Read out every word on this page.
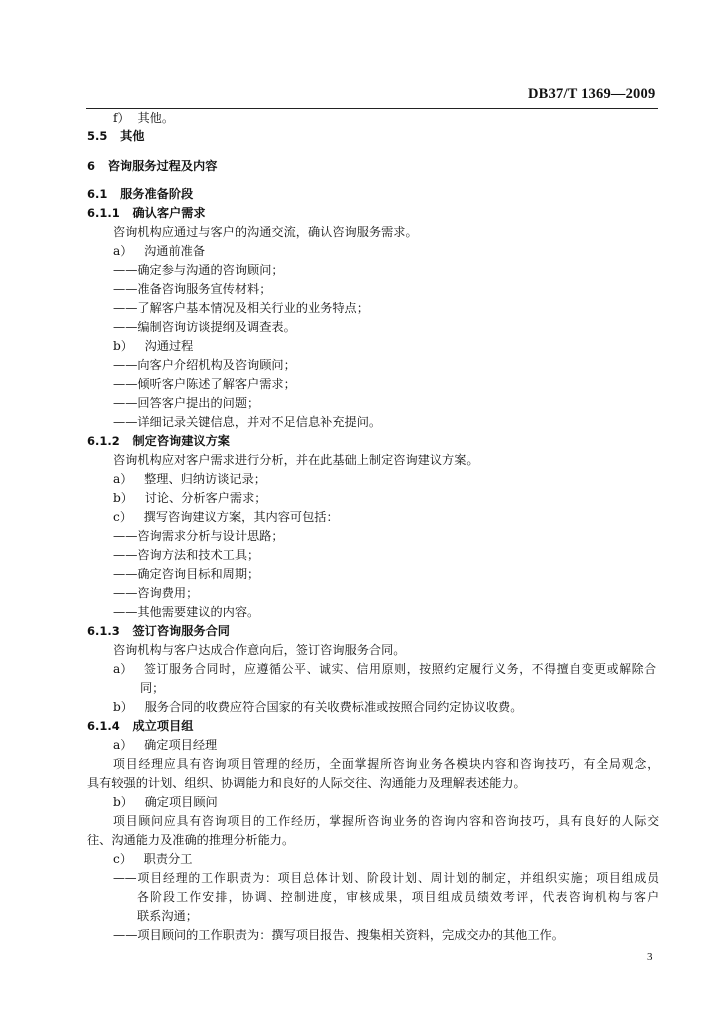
DB37/T 1369—2009
f） 其他。
5.5 其他
6 咨询服务过程及内容
6.1 服务准备阶段
6.1.1 确认客户需求
咨询机构应通过与客户的沟通交流，确认咨询服务需求。
a） 沟通前准备
——确定参与沟通的咨询顾问；
——准备咨询服务宣传材料；
——了解客户基本情况及相关行业的业务特点；
——编制咨询访谈提纲及调查表。
b） 沟通过程
——向客户介绍机构及咨询顾问；
——倾听客户陈述了解客户需求；
——回答客户提出的问题；
——详细记录关键信息，并对不足信息补充提问。
6.1.2 制定咨询建议方案
咨询机构应对客户需求进行分析，并在此基础上制定咨询建议方案。
a） 整理、归纳访谈记录；
b） 讨论、分析客户需求；
c） 撰写咨询建议方案，其内容可包括：
——咨询需求分析与设计思路；
——咨询方法和技术工具；
——确定咨询目标和周期；
——咨询费用；
——其他需要建议的内容。
6.1.3 签订咨询服务合同
咨询机构与客户达成合作意向后，签订咨询服务合同。
a） 签订服务合同时，应遵循公平、诚实、信用原则，按照约定履行义务，不得擅自变更或解除合
同；
b） 服务合同的收费应符合国家的有关收费标准或按照合同约定协议收费。
6.1.4 成立项目组
a） 确定项目经理
项目经理应具有咨询项目管理的经历，全面掌握所咨询业务各模块内容和咨询技巧，有全局观念，
具有较强的计划、组织、协调能力和良好的人际交往、沟通能力及理解表述能力。
b） 确定项目顾问
项目顾问应具有咨询项目的工作经历，掌握所咨询业务的咨询内容和咨询技巧，具有良好的人际交
往、沟通能力及准确的推理分析能力。
c） 职责分工
——项目经理的工作职责为：项目总体计划、阶段计划、周计划的制定，并组织实施；项目组成员
各阶段工作安排，协调、控制进度，审核成果，项目组成员绩效考评，代表咨询机构与客户
联系沟通；
——项目顾问的工作职责为：撰写项目报告、搜集相关资料，完成交办的其他工作。
3
